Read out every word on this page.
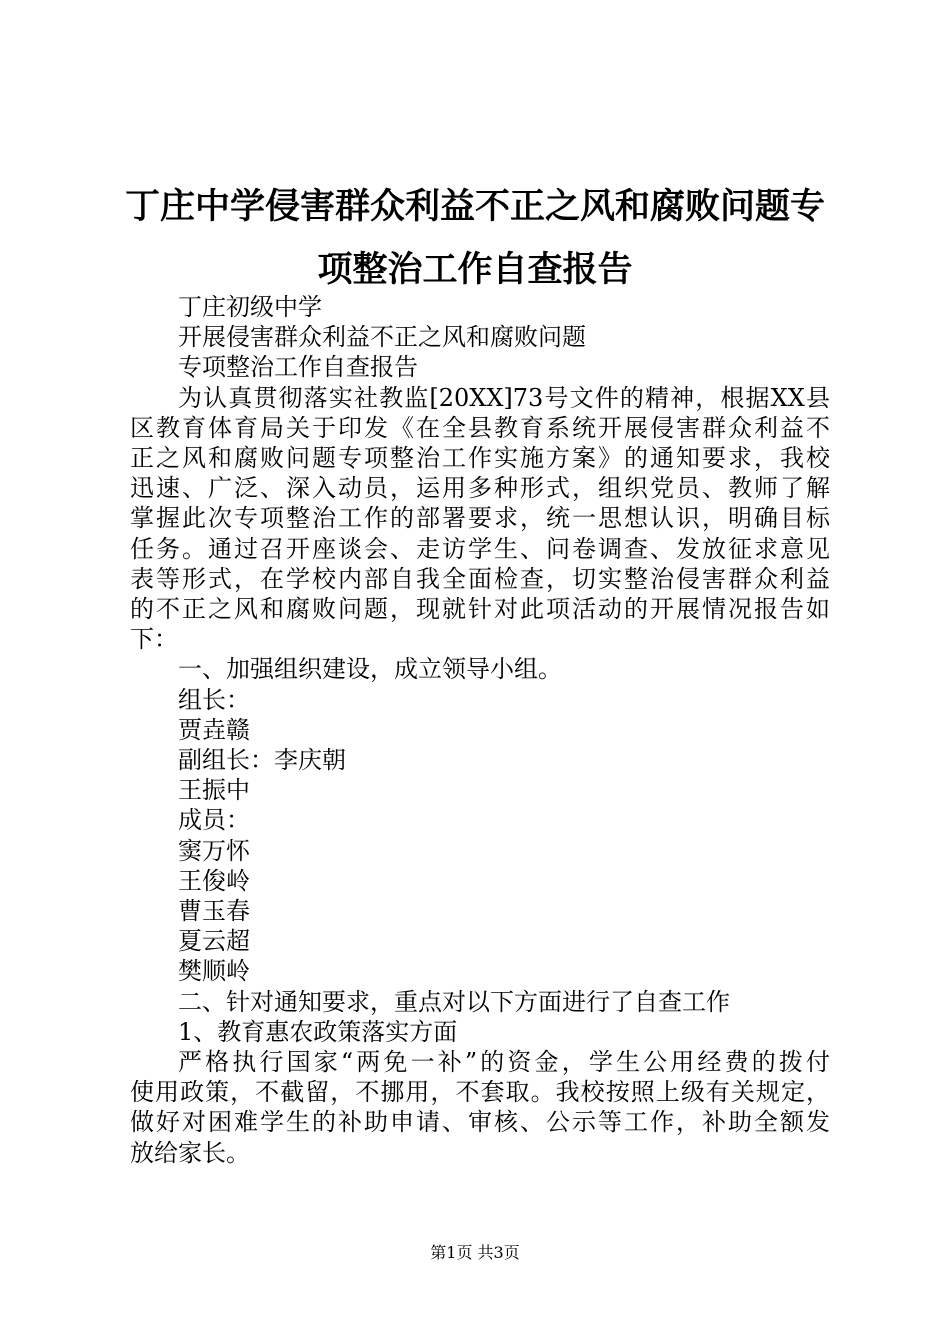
丁庄中学侵害群众利益不正之风和腐败问题专
项整治工作自查报告
丁庄初级中学
开展侵害群众利益不正之风和腐败问题
专项整治工作自查报告
为认真贯彻落实社教监[20XX]73号文件的精神，根据XX县
区教育体育局关于印发《在全县教育系统开展侵害群众利益不
正之风和腐败问题专项整治工作实施方案》的通知要求，我校
迅速、广泛、深入动员，运用多种形式，组织党员、教师了解
掌握此次专项整治工作的部署要求，统一思想认识，明确目标
任务。通过召开座谈会、走访学生、问卷调查、发放征求意见
表等形式，在学校内部自我全面检查，切实整治侵害群众利益
的不正之风和腐败问题，现就针对此项活动的开展情况报告如
下：
一、加强组织建设，成立领导小组。
组长：
贾垚赣
副组长：李庆朝
王振中
成员：
窦万怀
王俊岭
曹玉春
夏云超
樊顺岭
二、针对通知要求，重点对以下方面进行了自查工作
1、教育惠农政策落实方面
严格执行国家“两免一补”的资金，学生公用经费的拨付
使用政策，不截留，不挪用，不套取。我校按照上级有关规定，
做好对困难学生的补助申请、审核、公示等工作，补助全额发
放给家长。
第1页 共3页
